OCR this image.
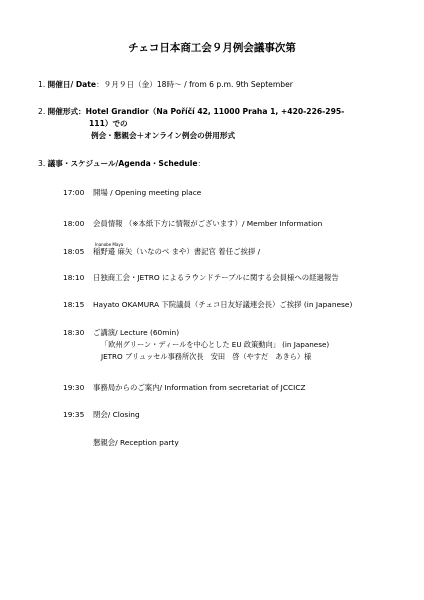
チェコ日本商工会９月例会議事次第
1. 開催日/ Date：９月９日（金）18時～ / from 6 p.m. 9th September
2. 開催形式：Hotel Grandior（Na Poříčí 42, 11000 Praha 1, +420-226-295-
111）での
例会・懇親会＋オンライン例会の併用形式
3. 議事・スケジュール/Agenda・Schedule：
17:00 開場 / Opening meeting place
18:00 会員情報 （※本紙下方に情報がございます）/ Member Information
Inanobe Maya
18:05 稲野邉 麻矢（いなのべ まや）書記官 着任ご挨拶 /
18:10 日独商工会・JETRO によるラウンドテーブルに関する会員様への経過報告
18:15 Hayato OKAMURA 下院議員（チェコ日友好議連会長）ご挨拶 (in Japanese)
18:30 ご講演/ Lecture (60min)
「欧州グリーン・ディールを中心とした EU 政策動向」 (in Japanese)
JETRO ブリュッセル事務所次長　安田　啓（やすだ　あきら）様
19:30 事務局からのご案内/ Information from secretariat of JCCICZ
19:35 閉会/ Closing
懇親会/ Reception party
